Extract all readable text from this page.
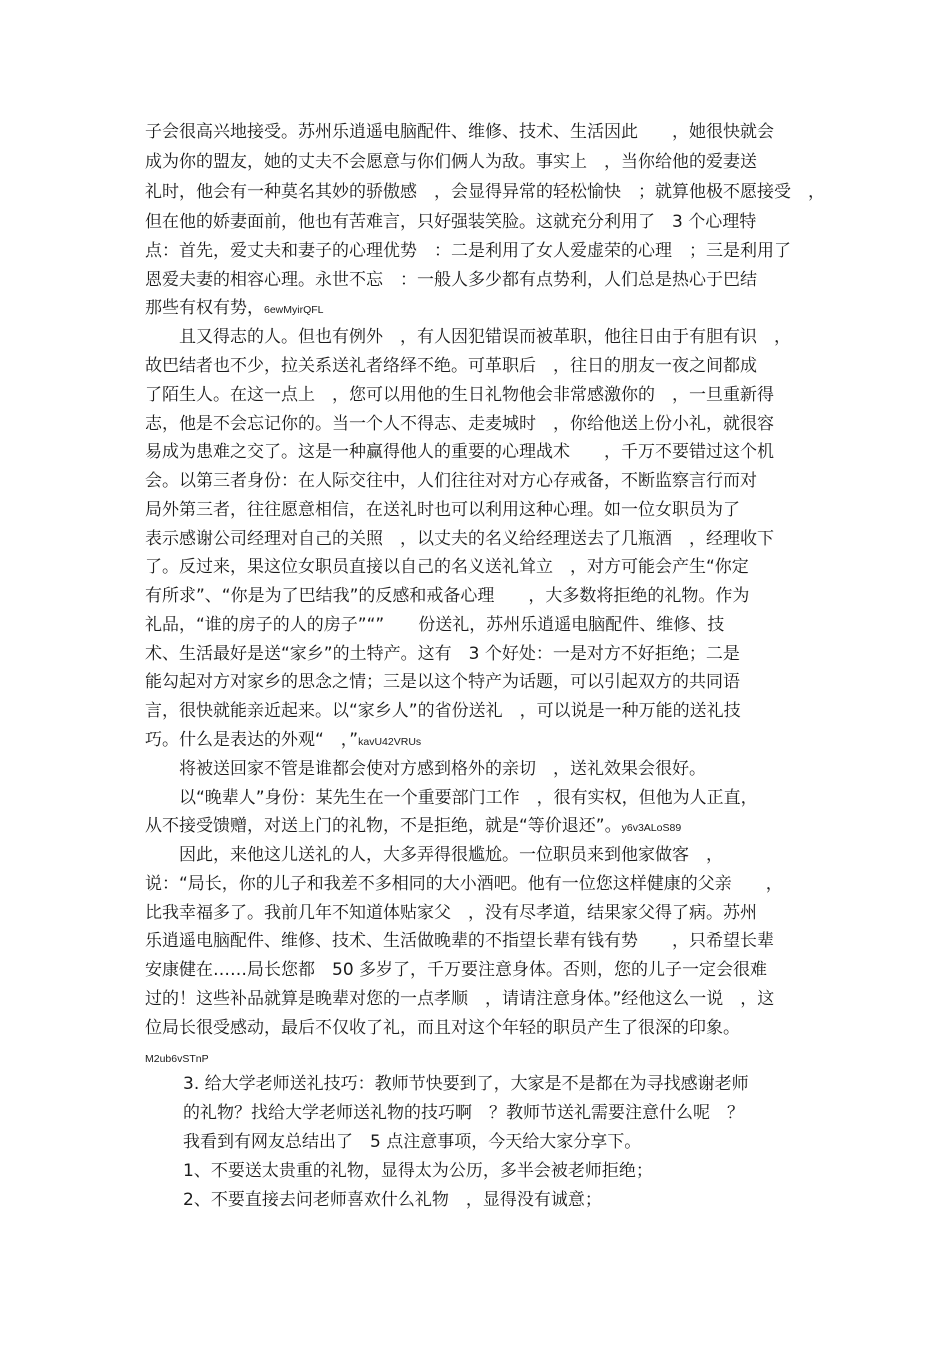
子会很高兴地接受。苏州乐逍遥电脑配件、维修、技术、生活因此　　，她很快就会
成为你的盟友，她的丈夫不会愿意与你们俩人为敌。事实上　，当你给他的爱妻送
礼时，他会有一种莫名其妙的骄傲感　，会显得异常的轻松愉快　；就算他极不愿接受　，
但在他的娇妻面前，他也有苦难言，只好强装笑脸。这就充分利用了　3 个心理特
点：首先，爱丈夫和妻子的心理优势　：二是利用了女人爱虚荣的心理　；三是利用了
恩爱夫妻的相容心理。永世不忘　：一般人多少都有点势利，人们总是热心于巴结
那些有权有势，6ewMyirQFL
　　且又得志的人。但也有例外　，有人因犯错误而被革职，他往日由于有胆有识　，
故巴结者也不少，拉关系送礼者络绎不绝。可革职后　，往日的朋友一夜之间都成
了陌生人。在这一点上　，您可以用他的生日礼物他会非常感激你的　，一旦重新得
志，他是不会忘记你的。当一个人不得志、走麦城时　，你给他送上份小礼，就很容
易成为患难之交了。这是一种赢得他人的重要的心理战术　　，千万不要错过这个机
会。以第三者身份：在人际交往中，人们往往对对方心存戒备，不断监察言行而对
局外第三者，往往愿意相信，在送礼时也可以利用这种心理。如一位女职员为了
表示感谢公司经理对自己的关照　，以丈夫的名义给经理送去了几瓶酒　，经理收下
了。反过来，果这位女职员直接以自己的名义送礼耸立　，对方可能会产生“你定
有所求”、“你是为了巴结我”的反感和戒备心理　　，大多数将拒绝的礼物。作为
礼品，“谁的房子的人的房子”“”　　份送礼，苏州乐逍遥电脑配件、维修、技
术、生活最好是送“家乡”的土特产。这有　3 个好处：一是对方不好拒绝；二是
能勾起对方对家乡的思念之情；三是以这个特产为话题，可以引起双方的共同语
言，很快就能亲近起来。以“家乡人”的省份送礼　，可以说是一种万能的送礼技
巧。什么是表达的外观“　，”kavU42VRUs
　　将被送回家不管是谁都会使对方感到格外的亲切　，送礼效果会很好。
　　以“晚辈人”身份：某先生在一个重要部门工作　，很有实权，但他为人正直，
从不接受馈赠，对送上门的礼物，不是拒绝，就是“等价退还”。y6v3ALoS89
　　因此，来他这儿送礼的人，大多弄得很尴尬。一位职员来到他家做客　，
说：“局长，你的儿子和我差不多相同的大小酒吧。他有一位您这样健康的父亲　　，
比我幸福多了。我前几年不知道体贴家父　，没有尽孝道，结果家父得了病。苏州
乐逍遥电脑配件、维修、技术、生活做晚辈的不指望长辈有钱有势　　，只希望长辈
安康健在……局长您都　50 多岁了，千万要注意身体。否则，您的儿子一定会很难
过的！这些补品就算是晚辈对您的一点孝顺　，请请注意身体。”经他这么一说　，这
位局长很受感动，最后不仅收了礼，而且对这个年轻的职员产生了很深的印象。
M2ub6vSTnP
3. 给大学老师送礼技巧：教师节快要到了，大家是不是都在为寻找感谢老师
的礼物？找给大学老师送礼物的技巧啊　？教师节送礼需要注意什么呢　？
我看到有网友总结出了　5 点注意事项，今天给大家分享下。
1、不要送太贵重的礼物，显得太为公历，多半会被老师拒绝；
2、不要直接去问老师喜欢什么礼物　，显得没有诚意；
